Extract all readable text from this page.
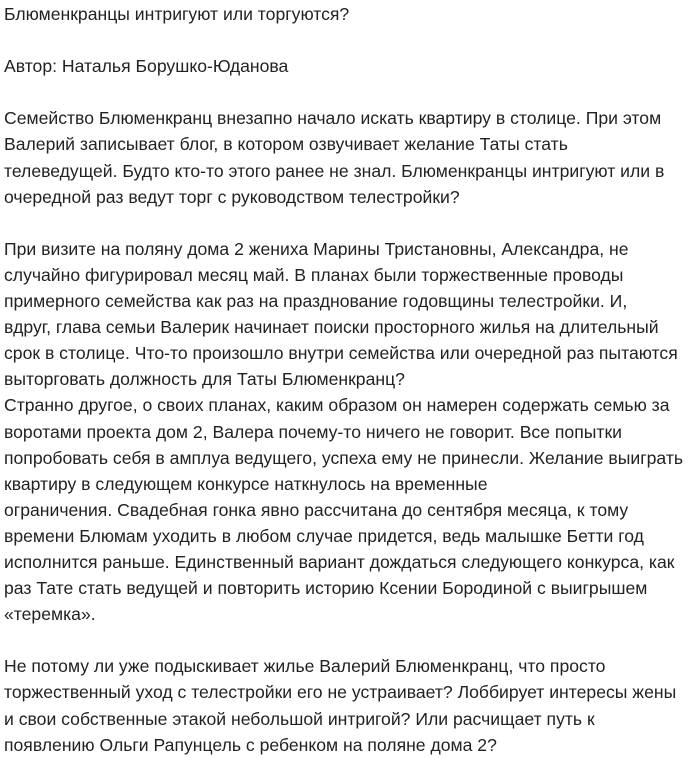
Блюменкранцы интригуют или торгуются?
Автор: Наталья Борушко-Юданова
Семейство Блюменкранц внезапно начало искать квартиру в столице. При этом
Валерий записывает блог, в котором озвучивает желание Таты стать
телеведущей. Будто кто-то этого ранее не знал. Блюменкранцы интригуют или в
очередной раз ведут торг с руководством телестройки?
При визите на поляну дома 2 жениха Марины Тристановны, Александра, не
случайно фигурировал месяц май. В планах были торжественные проводы
примерного семейства как раз на празднование годовщины телестройки. И,
вдруг, глава семьи Валерик начинает поиски просторного жилья на длительный
срок в столице. Что-то произошло внутри семейства или очередной раз пытаются
выторговать должность для Таты Блюменкранц?
Странно другое, о своих планах, каким образом он намерен содержать семью за
воротами проекта дом 2, Валера почему-то ничего не говорит. Все попытки
попробовать себя в амплуа ведущего, успеха ему не принесли. Желание выиграть
квартиру в следующем конкурсе наткнулось на временные
ограничения. Свадебная гонка явно рассчитана до сентября месяца, к тому
времени Блюмам уходить в любом случае придется, ведь малышке Бетти год
исполнится раньше. Единственный вариант дождаться следующего конкурса, как
раз Тате стать ведущей и повторить историю Ксении Бородиной с выигрышем
«теремка».
Не потому ли уже подыскивает жилье Валерий Блюменкранц, что просто
торжественный уход с телестройки его не устраивает? Лоббирует интересы жены
и свои собственные этакой небольшой интригой? Или расчищает путь к
появлению Ольги Рапунцель с ребенком на поляне дома 2?
